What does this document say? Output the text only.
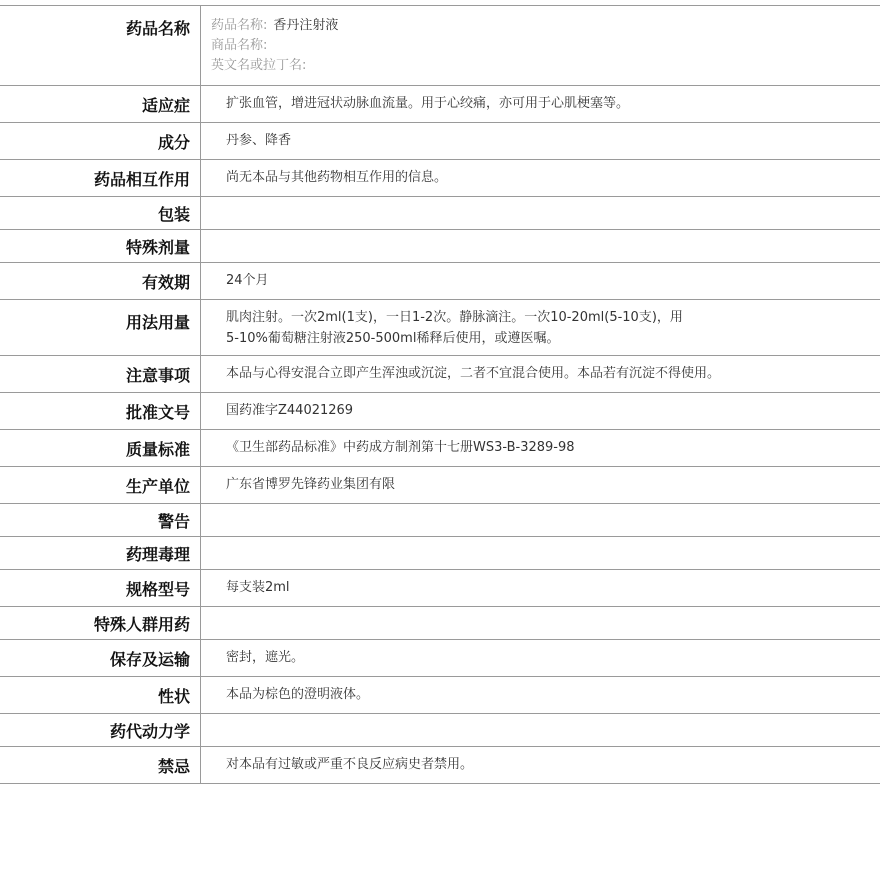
药品名称	药品名称: 香丹注射液
商品名称:
英文名或拉丁名:

适应症	扩张血管，增进冠状动脉血流量。用于心绞痛，亦可用于心肌梗塞等。
成分	丹参、降香
药品相互作用	尚无本品与其他药物相互作用的信息。
包装	
特殊剂量	
有效期	24个月
用法用量	肌肉注射。一次2ml(1支)，一日1-2次。静脉滴注。一次10-20ml(5-10支)，用5-10%葡萄糖注射液250-500ml稀释后使用，或遵医嘱。
注意事项	本品与心得安混合立即产生浑浊或沉淀，二者不宜混合使用。本品若有沉淀不得使用。
批准文号	国药准字Z44021269
质量标准	《卫生部药品标准》中药成方制剂第十七册WS3-B-3289-98
生产单位	广东省博罗先锋药业集团有限
警告	
药理毒理	
规格型号	每支装2ml
特殊人群用药	
保存及运输	密封，遮光。
性状	本品为棕色的澄明液体。
药代动力学	
禁忌	对本品有过敏或严重不良反应病史者禁用。
